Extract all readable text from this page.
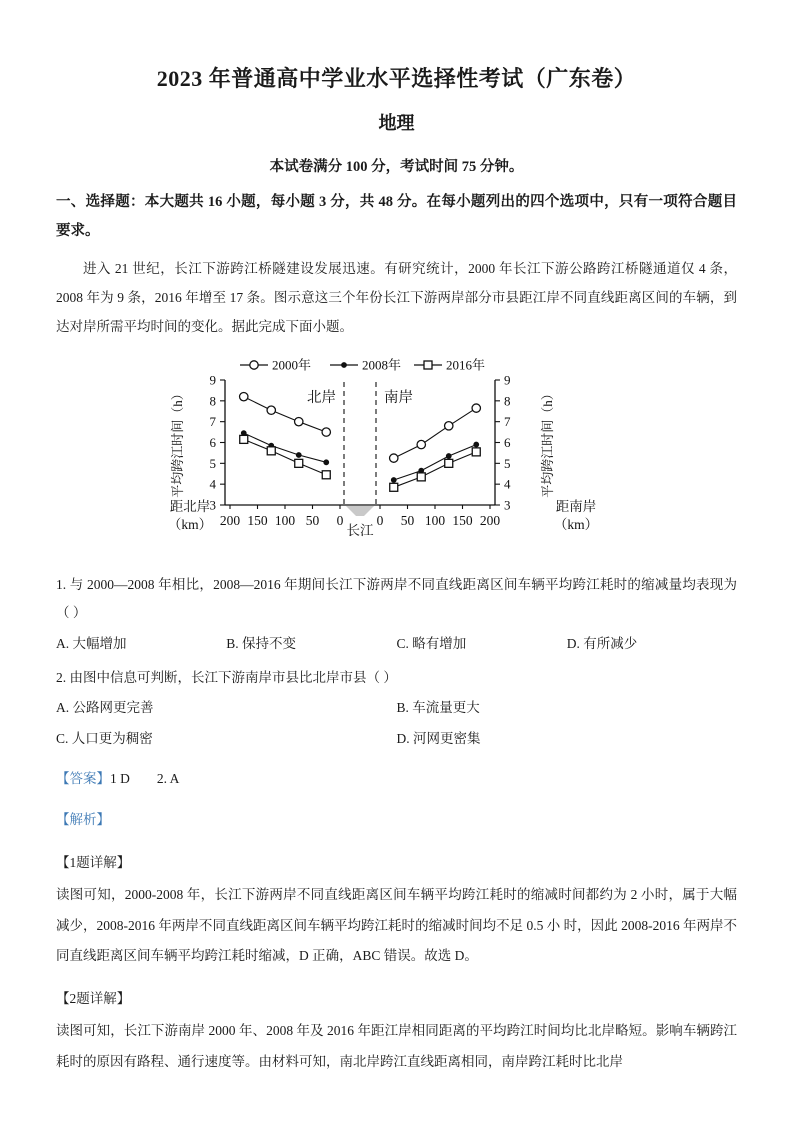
2023 年普通高中学业水平选择性考试（广东卷）
地理
本试卷满分 100 分，考试时间 75 分钟。
一、选择题：本大题共 16 小题，每小题 3 分，共 48 分。在每小题列出的四个选项中，只有一项符合题目要求。
进入 21 世纪，长江下游跨江桥隧建设发展迅速。有研究统计，2000 年长江下游公路跨江桥隧通道仅 4 条，2008 年为 9 条，2016 年增至 17 条。图示意这三个年份长江下游两岸部分市县距江岸不同直线距离区间的车辆，到达对岸所需平均时间的变化。据此完成下面小题。
2000年	2008年	2016年
3	3
4	4
5	5
6	6
7	7
8	8
9	9
200 150 100 50 0 0 50 100 150 200
长江
北岸	南岸
平均跨江时间（h）	平均跨江时间（h）
距北岸
（km）
距南岸
（km）
1. 与 2000—2008 年相比，2008—2016 年期间长江下游两岸不同直线距离区间车辆平均跨江耗时的缩减量均表现为（ ）
A. 大幅增加	B. 保持不变	C. 略有增加	D. 有所减少
2. 由图中信息可判断，长江下游南岸市县比北岸市县（ ）
A. 公路网更完善	B. 车流量更大
C. 人口更为稠密	D. 河网更密集
【答案】1 D　　2. A
【解析】
【1题详解】
读图可知，2000-2008 年，长江下游两岸不同直线距离区间车辆平均跨江耗时的缩减时间都约为 2 小时，属于大幅减少，2008-2016 年两岸不同直线距离区间车辆平均跨江耗时的缩减时间均不足 0.5 小 时，因此 2008-2016 年两岸不同直线距离区间车辆平均跨江耗时缩减，D 正确，ABC 错误。故选 D。
【2题详解】
读图可知，长江下游南岸 2000 年、2008 年及 2016 年距江岸相同距离的平均跨江时间均比北岸略短。影响车辆跨江耗时的原因有路程、通行速度等。由材料可知，南北岸跨江直线距离相同，南岸跨江耗时比北岸
